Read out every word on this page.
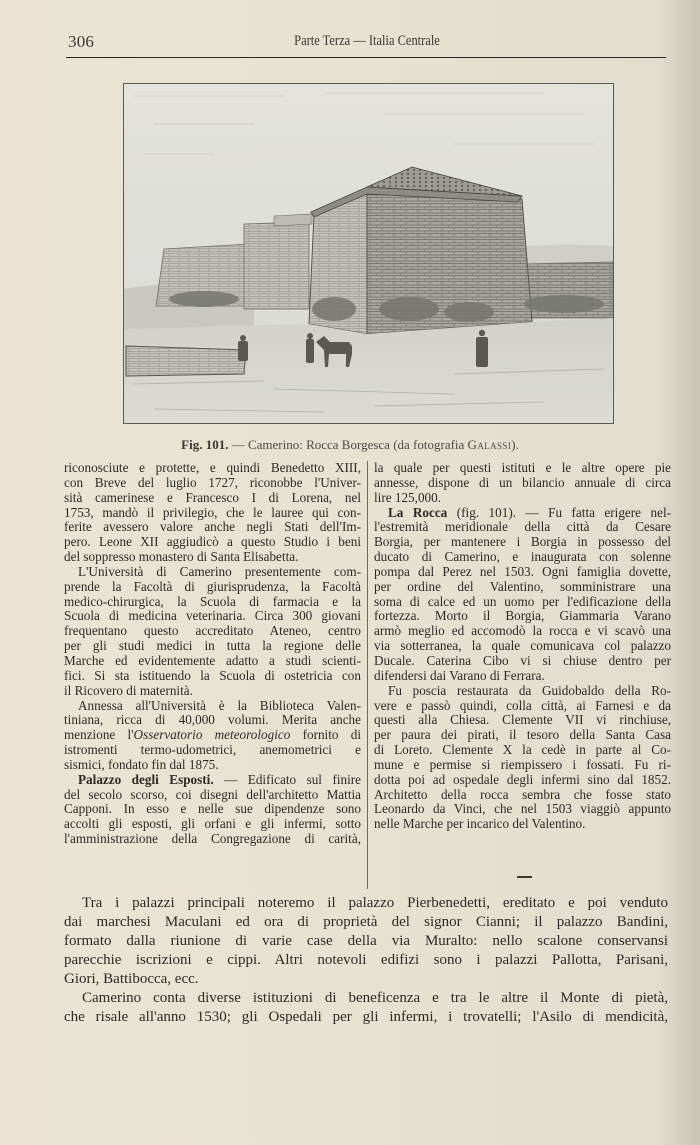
306	Parte Terza — Italia Centrale
Fig. 101. — Camerino: Rocca Borgesca (da fotografia Galassi).
riconosciute e protette, e quindi Benedetto XIII,
con Breve del luglio 1727, riconobbe l'Univer-
sità camerinese e Francesco I di Lorena, nel
1753, mandò il privilegio, che le lauree qui con-
ferite avessero valore anche negli Stati dell'Im-
pero. Leone XII aggiudicò a questo Studio i beni
del soppresso monastero di Santa Elisabetta.
L'Università di Camerino presentemente com-
prende la Facoltà di giurisprudenza, la Facoltà
medico-chirurgica, la Scuola di farmacia e la
Scuola di medicina veterinaria. Circa 300 giovani
frequentano questo accreditato Ateneo, centro
per gli studi medici in tutta la regione delle
Marche ed evidentemente adatto a studi scienti-
fici. Si sta istituendo la Scuola di ostetricia con
il Ricovero di maternità.
Annessa all'Università è la Biblioteca Valen-
tiniana, ricca di 40,000 volumi. Merita anche
menzione l'Osservatorio meteorologico fornito di
istromenti termo-udometrici, anemometrici e
sismici, fondato fin dal 1875.
Palazzo degli Esposti. — Edificato sul finire
del secolo scorso, coi disegni dell'architetto Mattia
Capponi. In esso e nelle sue dipendenze sono
accolti gli esposti, gli orfani e gli infermi, sotto
l'amministrazione della Congregazione di carità,
la quale per questi istituti e le altre opere pie
annesse, dispone di un bilancio annuale di circa
lire 125,000.
La Rocca (fig. 101). — Fu fatta erigere nel-
l'estremità meridionale della città da Cesare
Borgia, per mantenere i Borgia in possesso del
ducato di Camerino, e inaugurata con solenne
pompa dal Perez nel 1503. Ogni famiglia dovette,
per ordine del Valentino, somministrare una
soma di calce ed un uomo per l'edificazione della
fortezza. Morto il Borgia, Giammaria Varano
armò meglio ed accomodò la rocca e vi scavò una
via sotterranea, la quale comunicava col palazzo
Ducale. Caterina Cibo vi si chiuse dentro per
difendersi dai Varano di Ferrara.
Fu poscia restaurata da Guidobaldo della Ro-
vere e passò quindi, colla città, ai Farnesi e da
questi alla Chiesa. Clemente VII vi rinchiuse,
per paura dei pirati, il tesoro della Santa Casa
di Loreto. Clemente X la cedè in parte al Co-
mune e permise si riempissero i fossati. Fu ri-
dotta poi ad ospedale degli infermi sino dal 1852.
Architetto della rocca sembra che fosse stato
Leonardo da Vinci, che nel 1503 viaggiò appunto
nelle Marche per incarico del Valentino.
Tra i palazzi principali noteremo il palazzo Pierbenedetti, ereditato e poi venduto
dai marchesi Maculani ed ora di proprietà del signor Cianni; il palazzo Bandini,
formato dalla riunione di varie case della via Muralto: nello scalone conservansi
parecchie iscrizioni e cippi. Altri notevoli edifizi sono i palazzi Pallotta, Parisani,
Giori, Battibocca, ecc.
Camerino conta diverse istituzioni di beneficenza e tra le altre il Monte di pietà,
che risale all'anno 1530; gli Ospedali per gli infermi, i trovatelli; l'Asilo di mendicità,
